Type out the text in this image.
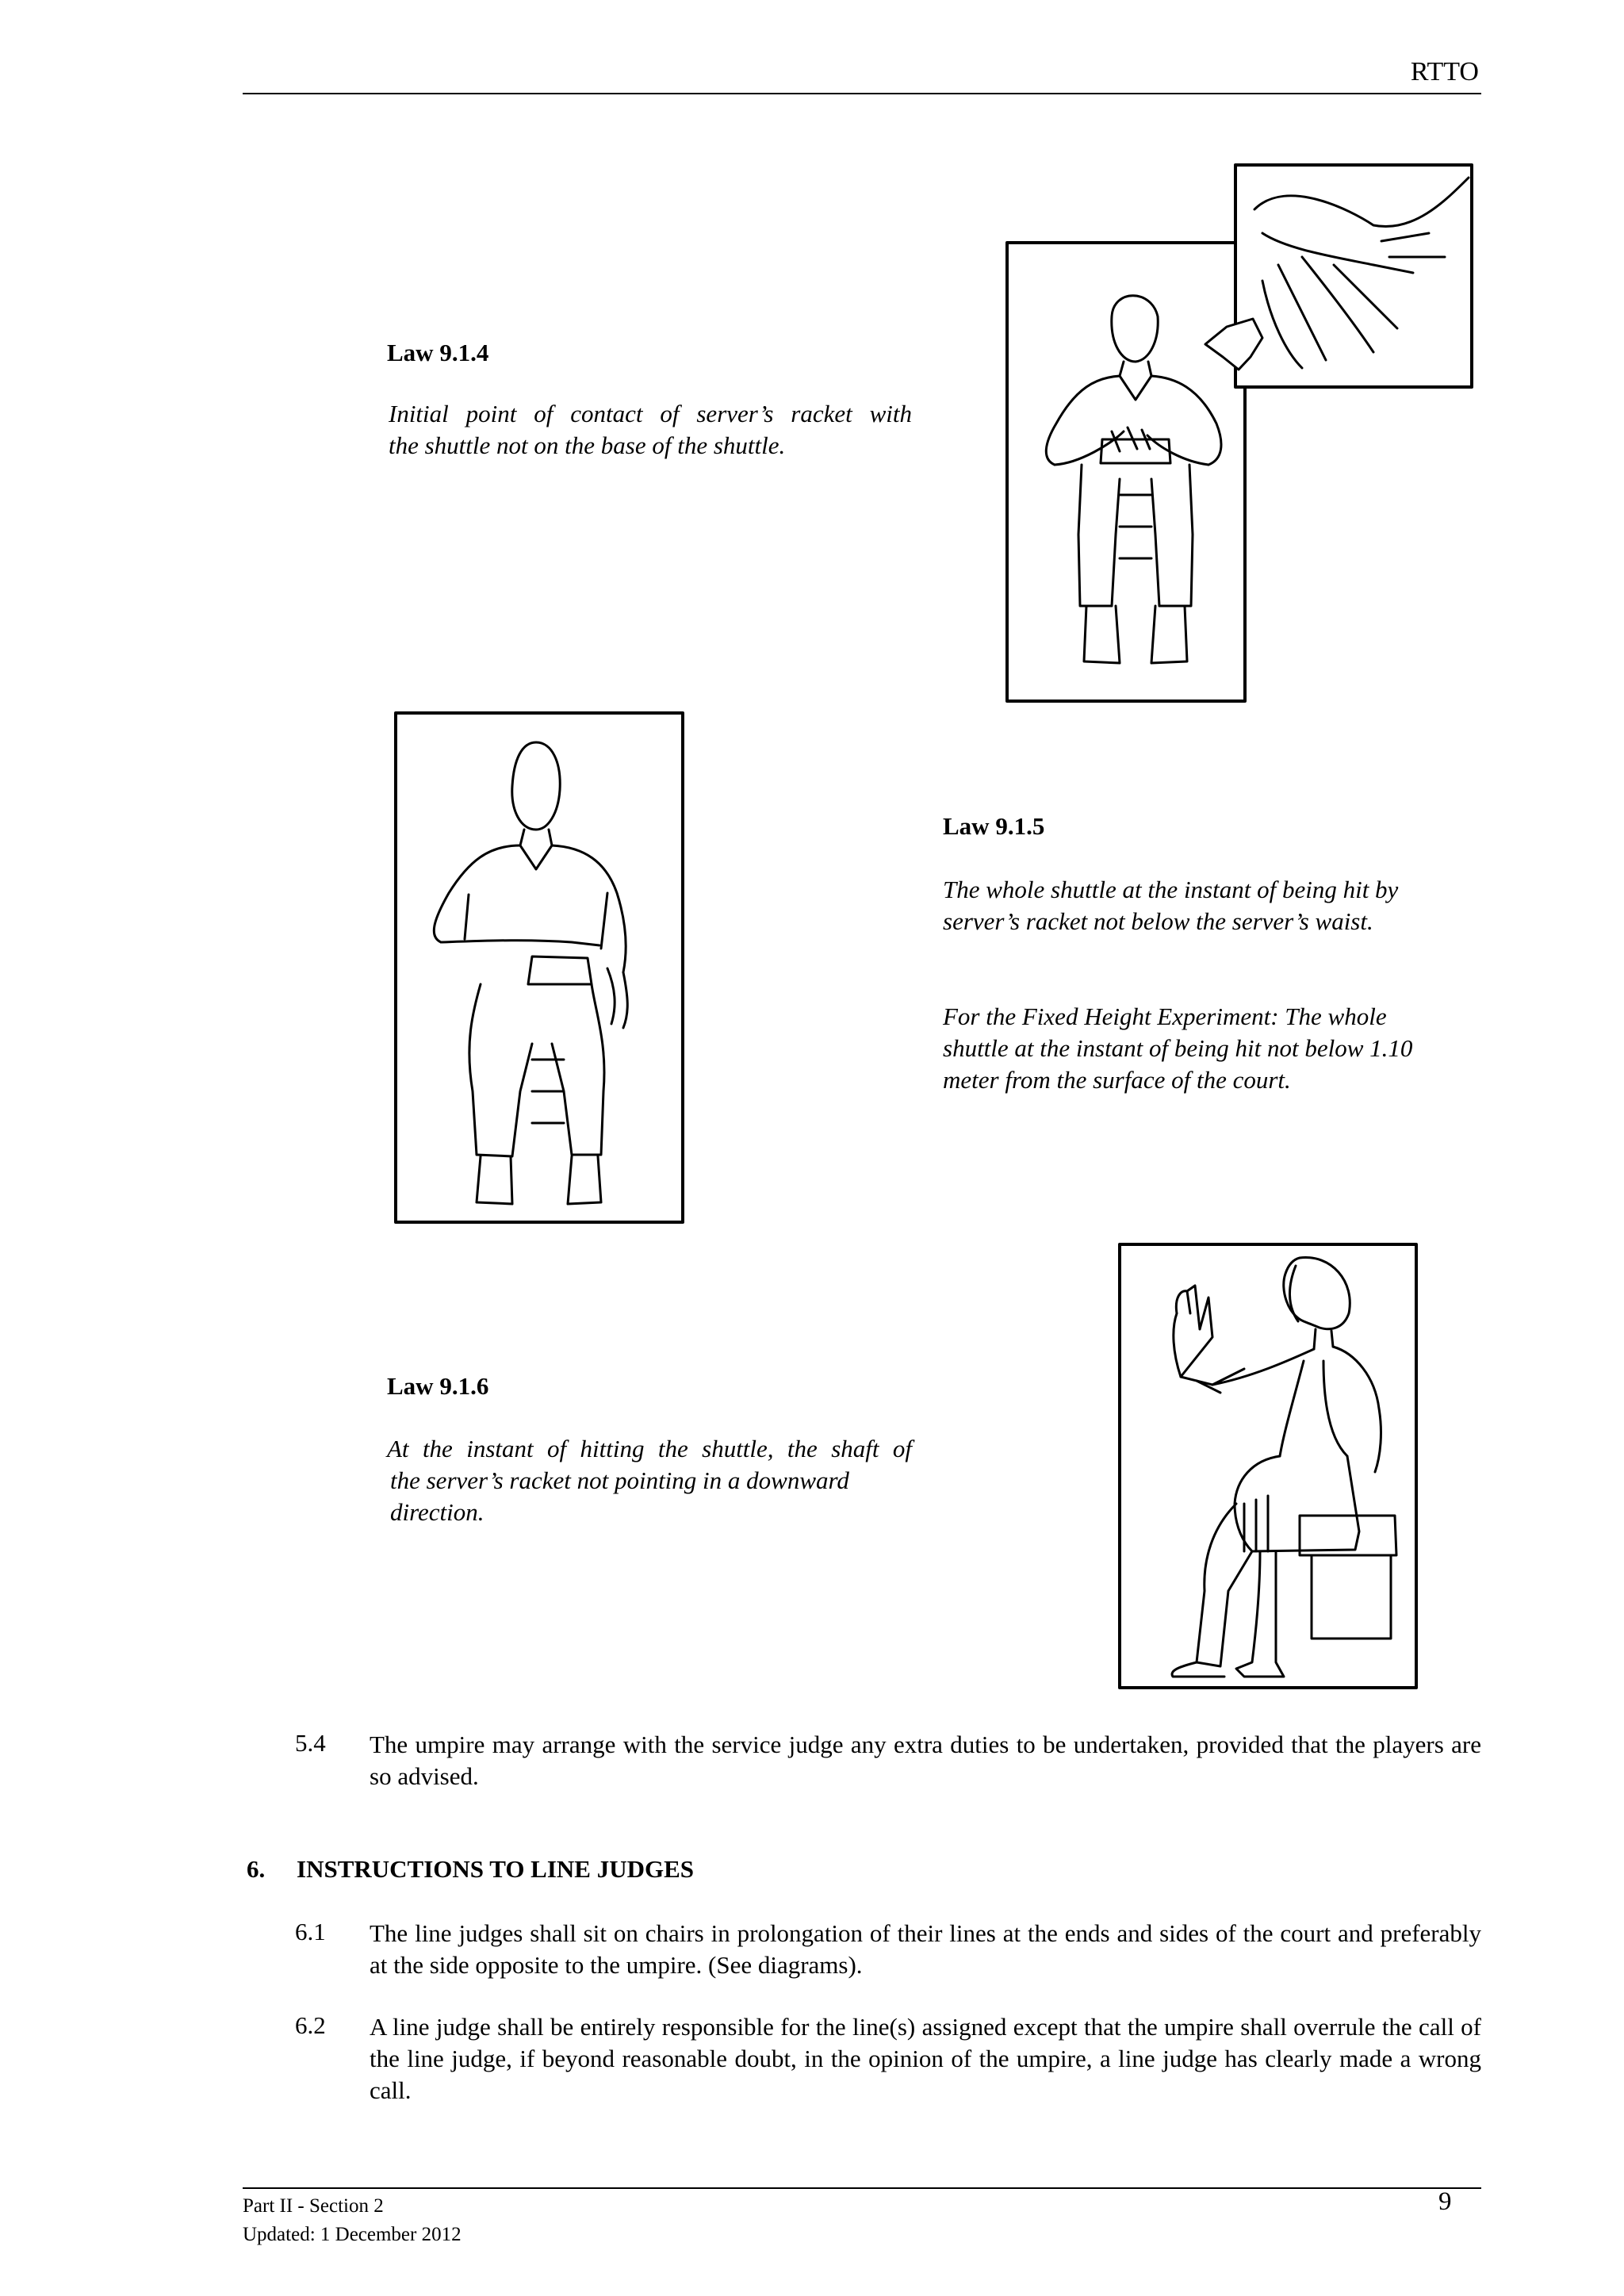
RTTO
Law 9.1.4
Initial point of contact of server’s racket with
the shuttle not on the base of the shuttle.
Law 9.1.5
The whole shuttle at the instant of being hit by
server’s racket not below the server’s waist.
For the Fixed Height Experiment: The whole
shuttle at the instant of being hit not below 1.10
meter from the surface of the court.
Law 9.1.6
At the instant of hitting the shuttle, the shaft of
the server’s racket not pointing in a downward
direction.
5.4 The umpire may arrange with the service judge any extra duties to be undertaken, provided that the players are so advised.
6. INSTRUCTIONS TO LINE JUDGES
6.1 The line judges shall sit on chairs in prolongation of their lines at the ends and sides of the court and preferably at the side opposite to the umpire. (See diagrams).
6.2 A line judge shall be entirely responsible for the line(s) assigned except that the umpire shall overrule the call of the line judge, if beyond reasonable doubt, in the opinion of the umpire, a line judge has clearly made a wrong call.
Part II - Section 2
Updated: 1 December 2012
9
